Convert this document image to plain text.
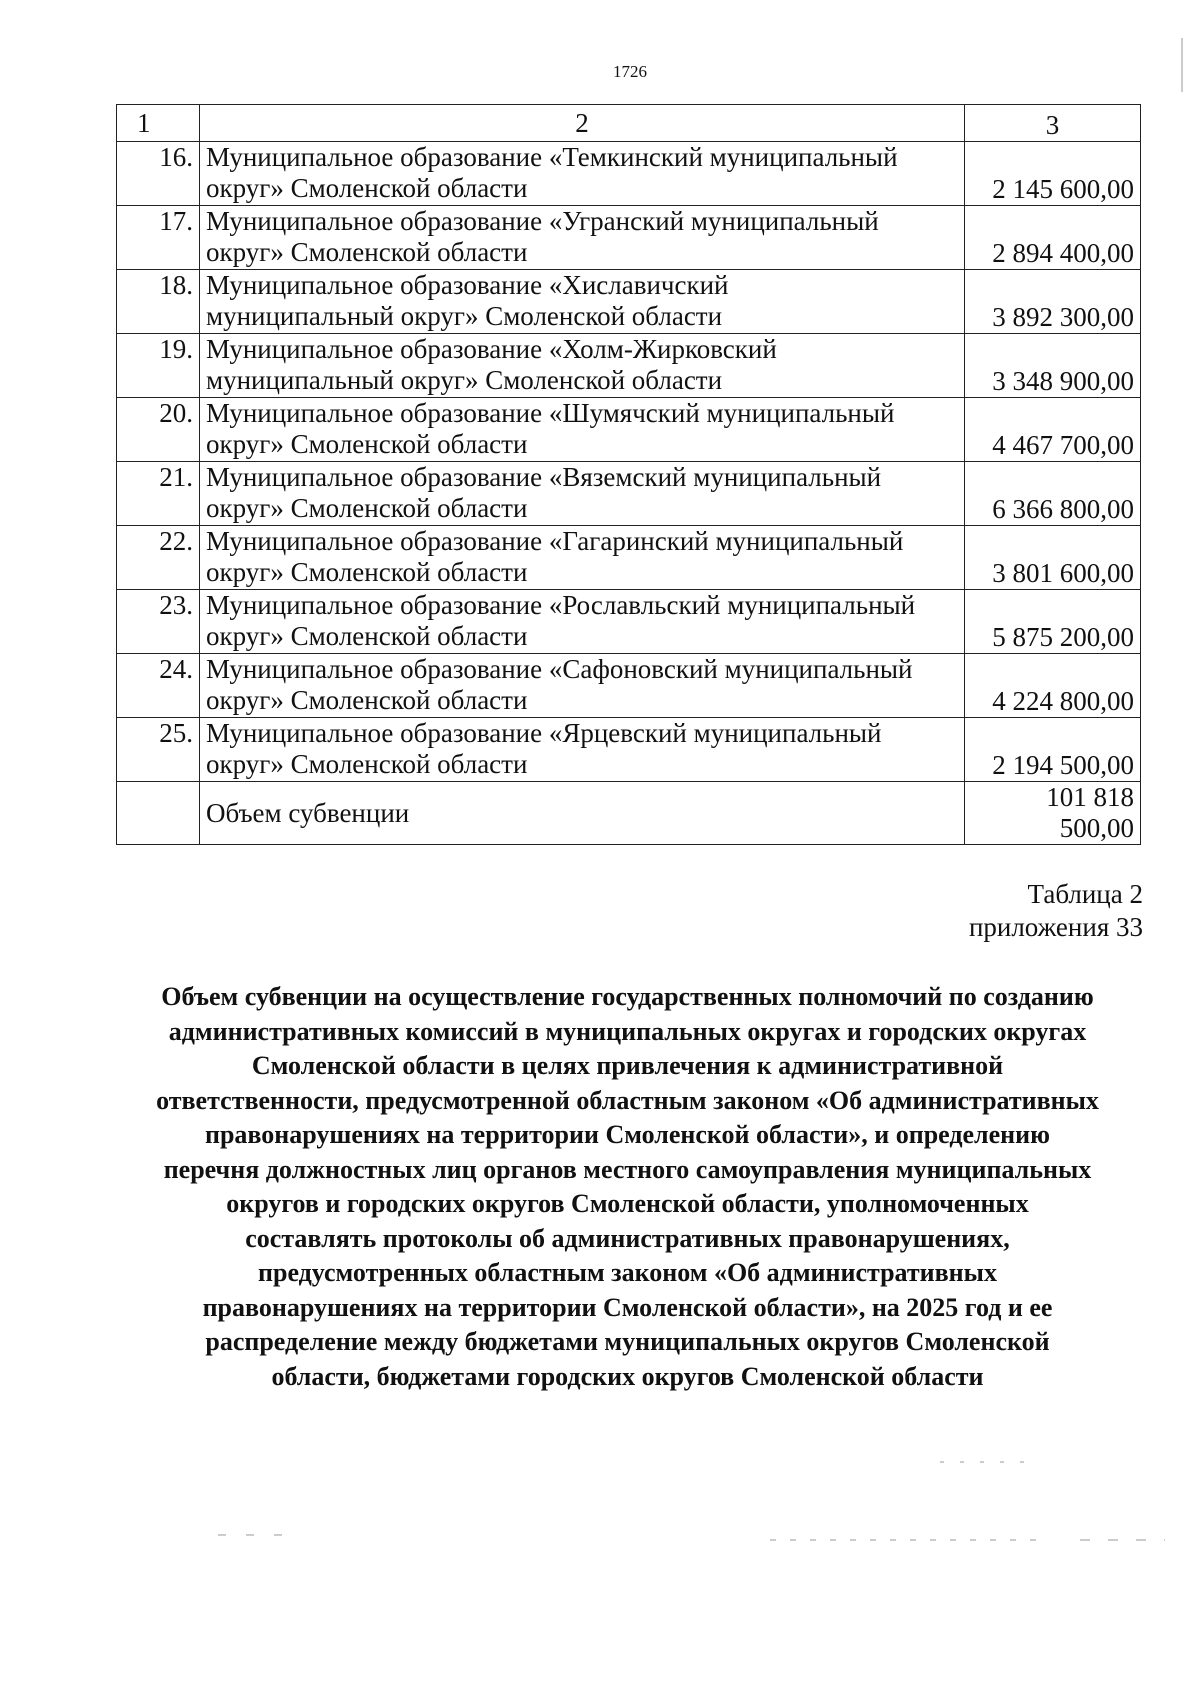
1726
1	2	3
16.	Муниципальное образование «Темкинский муниципальный
округ» Смоленской области	2 145 600,00
17.	Муниципальное образование «Угранский муниципальный
округ» Смоленской области	2 894 400,00
18.	Муниципальное образование «Хиславичский
муниципальный округ» Смоленской области	3 892 300,00
19.	Муниципальное образование «Холм-Жирковский
муниципальный округ» Смоленской области	3 348 900,00
20.	Муниципальное образование «Шумячский муниципальный
округ» Смоленской области	4 467 700,00
21.	Муниципальное образование «Вяземский муниципальный
округ» Смоленской области	6 366 800,00
22.	Муниципальное образование «Гагаринский муниципальный
округ» Смоленской области	3 801 600,00
23.	Муниципальное образование «Рославльский муниципальный
округ» Смоленской области	5 875 200,00
24.	Муниципальное образование «Сафоновский муниципальный
округ» Смоленской области	4 224 800,00
25.	Муниципальное образование «Ярцевский муниципальный
округ» Смоленской области	2 194 500,00
	Объем субвенции	101 818 500,00
Таблица 2
приложения 33
Объем субвенции на осуществление государственных полномочий по созданию
административных комиссий в муниципальных округах и городских округах
Смоленской области в целях привлечения к административной
ответственности, предусмотренной областным законом «Об административных
правонарушениях на территории Смоленской области», и определению
перечня должностных лиц органов местного самоуправления муниципальных
округов и городских округов Смоленской области, уполномоченных
составлять протоколы об административных правонарушениях,
предусмотренных областным законом «Об административных
правонарушениях на территории Смоленской области», на 2025 год и ее
распределение между бюджетами муниципальных округов Смоленской
области, бюджетами городских округов Смоленской области
